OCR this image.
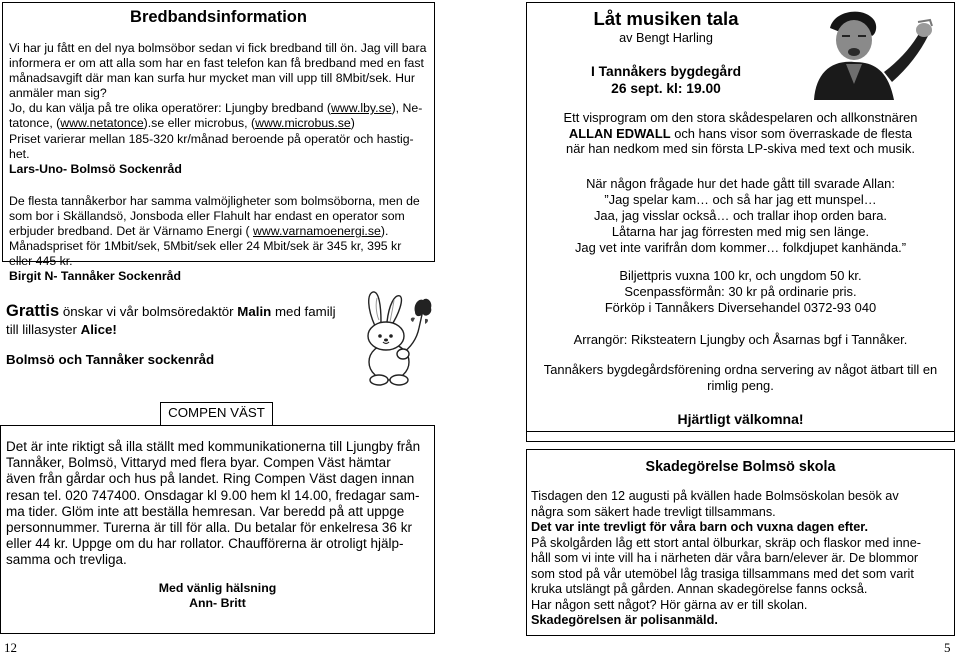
Bredbandsinformation

Vi har ju fått en del nya bolmsöbor sedan vi fick bredband till ön. Jag vill bara

informera er om att alla som har en fast telefon kan få bredband med en fast

månadsavgift där man kan surfa hur mycket man vill upp till 8Mbit/sek. Hur

anmäler man sig?

Jo, du kan välja på tre olika operatörer: Ljungby bredband (www.lby.se), Ne-

tatonce, (www.netatonce).se eller microbus, (www.microbus.se)

Priset varierar mellan 185-320 kr/månad beroende på operatör och hastig-

het.

Lars-Uno- Bolmsö Sockenråd

De flesta tannåkerbor har samma valmöjligheter som bolmsöborna, men de

som bor i Skällandsö, Jonsboda eller Flahult har endast en operator som

erbjuder bredband. Det är Värnamo Energi ( www.varnamoenergi.se).

Månadspriset för 1Mbit/sek, 5Mbit/sek eller 24 Mbit/sek är 345 kr, 395 kr

eller 445 kr.

Birgit N- Tannåker Sockenråd

Grattis önskar vi vår bolmsöredaktör Malin med familj

till lillasyster Alice!

Bolmsö och Tannåker sockenråd
COMPEN VÄST

Det är inte riktigt så illa ställt med kommunikationerna till Ljungby från

Tannåker, Bolmsö, Vittaryd med flera byar. Compen Väst hämtar

även från gårdar och hus på landet. Ring Compen Väst dagen innan

resan tel. 020 747400. Onsdagar kl 9.00 hem kl 14.00, fredagar sam-

ma tider. Glöm inte att beställa hemresan. Var beredd på att uppge

personnummer. Turerna är till för alla. Du betalar för enkelresa 36 kr

eller 44 kr. Uppge om du har rollator. Chaufförerna är otroligt hjälp-

samma och trevliga.

Med vänlig hälsning

Ann- Britt

Låt musiken tala
av Bengt Harling

I Tannåkers bygdegård

26 sept. kl: 19.00

Ett visprogram om den stora skådespelaren och allkonstnären

ALLAN EDWALL och hans visor som överraskade de flesta

när han nedkom med sin första LP-skiva med text och musik.

När någon frågade hur det hade gått till svarade Allan:

”Jag spelar kam… och så har jag ett munspel…

Jaa, jag visslar också… och trallar ihop orden bara.

Låtarna har jag förresten med mig sen länge.

Jag vet inte varifrån dom kommer… folkdjupet kanhända.”

Biljettpris vuxna 100 kr, och ungdom 50 kr.

Scenpassförmån: 30 kr på ordinarie pris.

Förköp i Tannåkers Diversehandel 0372-93 040

Arrangör: Riksteatern Ljungby och Åsarnas bgf i Tannåker.

Tannåkers bygdegårdsförening ordna servering av något ätbart till en

rimlig peng.

Hjärtligt välkomna!
Skadegörelse Bolmsö skola

Tisdagen den 12 augusti på kvällen hade Bolmsöskolan besök av

några som säkert hade trevligt tillsammans.

Det var inte trevligt för våra barn och vuxna dagen efter.

På skolgården låg ett stort antal ölburkar, skräp och flaskor med inne-

håll som vi inte vill ha i närheten där våra barn/elever är. De blommor

som stod på vår utemöbel låg trasiga tillsammans med det som varit

kruka utslängt på gården. Annan skadegörelse fanns också.

Har någon sett något? Hör gärna av er till skolan.

Skadegörelsen är polisanmäld.

12	5
